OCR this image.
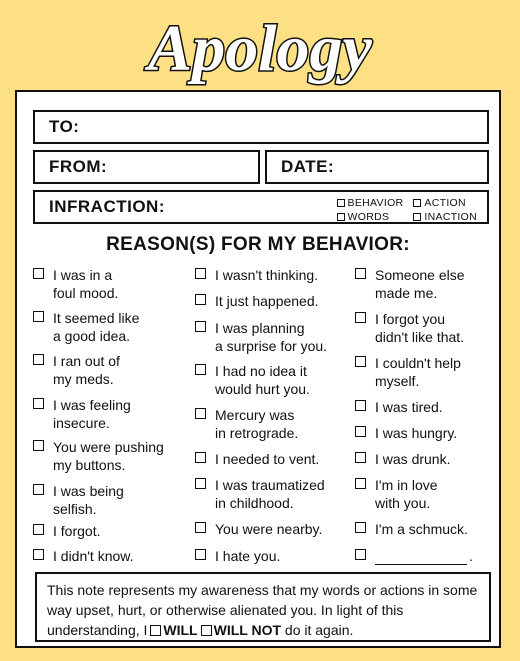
Apology
TO:
FROM:	DATE:
INFRACTION:	BEHAVIOR ACTION
WORDS	INACTION
REASON(S) FOR MY BEHAVIOR:
I was in a
foul mood.
It seemed like
a good idea.
I ran out of
my meds.
I was feeling
insecure.
You were pushing
my buttons.
I was being
selfish.
I forgot.
I didn't know.
I wasn't thinking.
It just happened.
I was planning
a surprise for you.
I had no idea it
would hurt you.
Mercury was
in retrograde.
I needed to vent.
I was traumatized
in childhood.
You were nearby.
I hate you.
Someone else
made me.
I forgot you
didn't like that.
I couldn't help
myself.
I was tired.
I was hungry.
I was drunk.
I'm in love
with you.
I'm a schmuck.
.
This note represents my awareness that my words or actions in some way upset, hurt, or otherwise alienated you. In light of this understanding, I WILL WILL NOT do it again.
